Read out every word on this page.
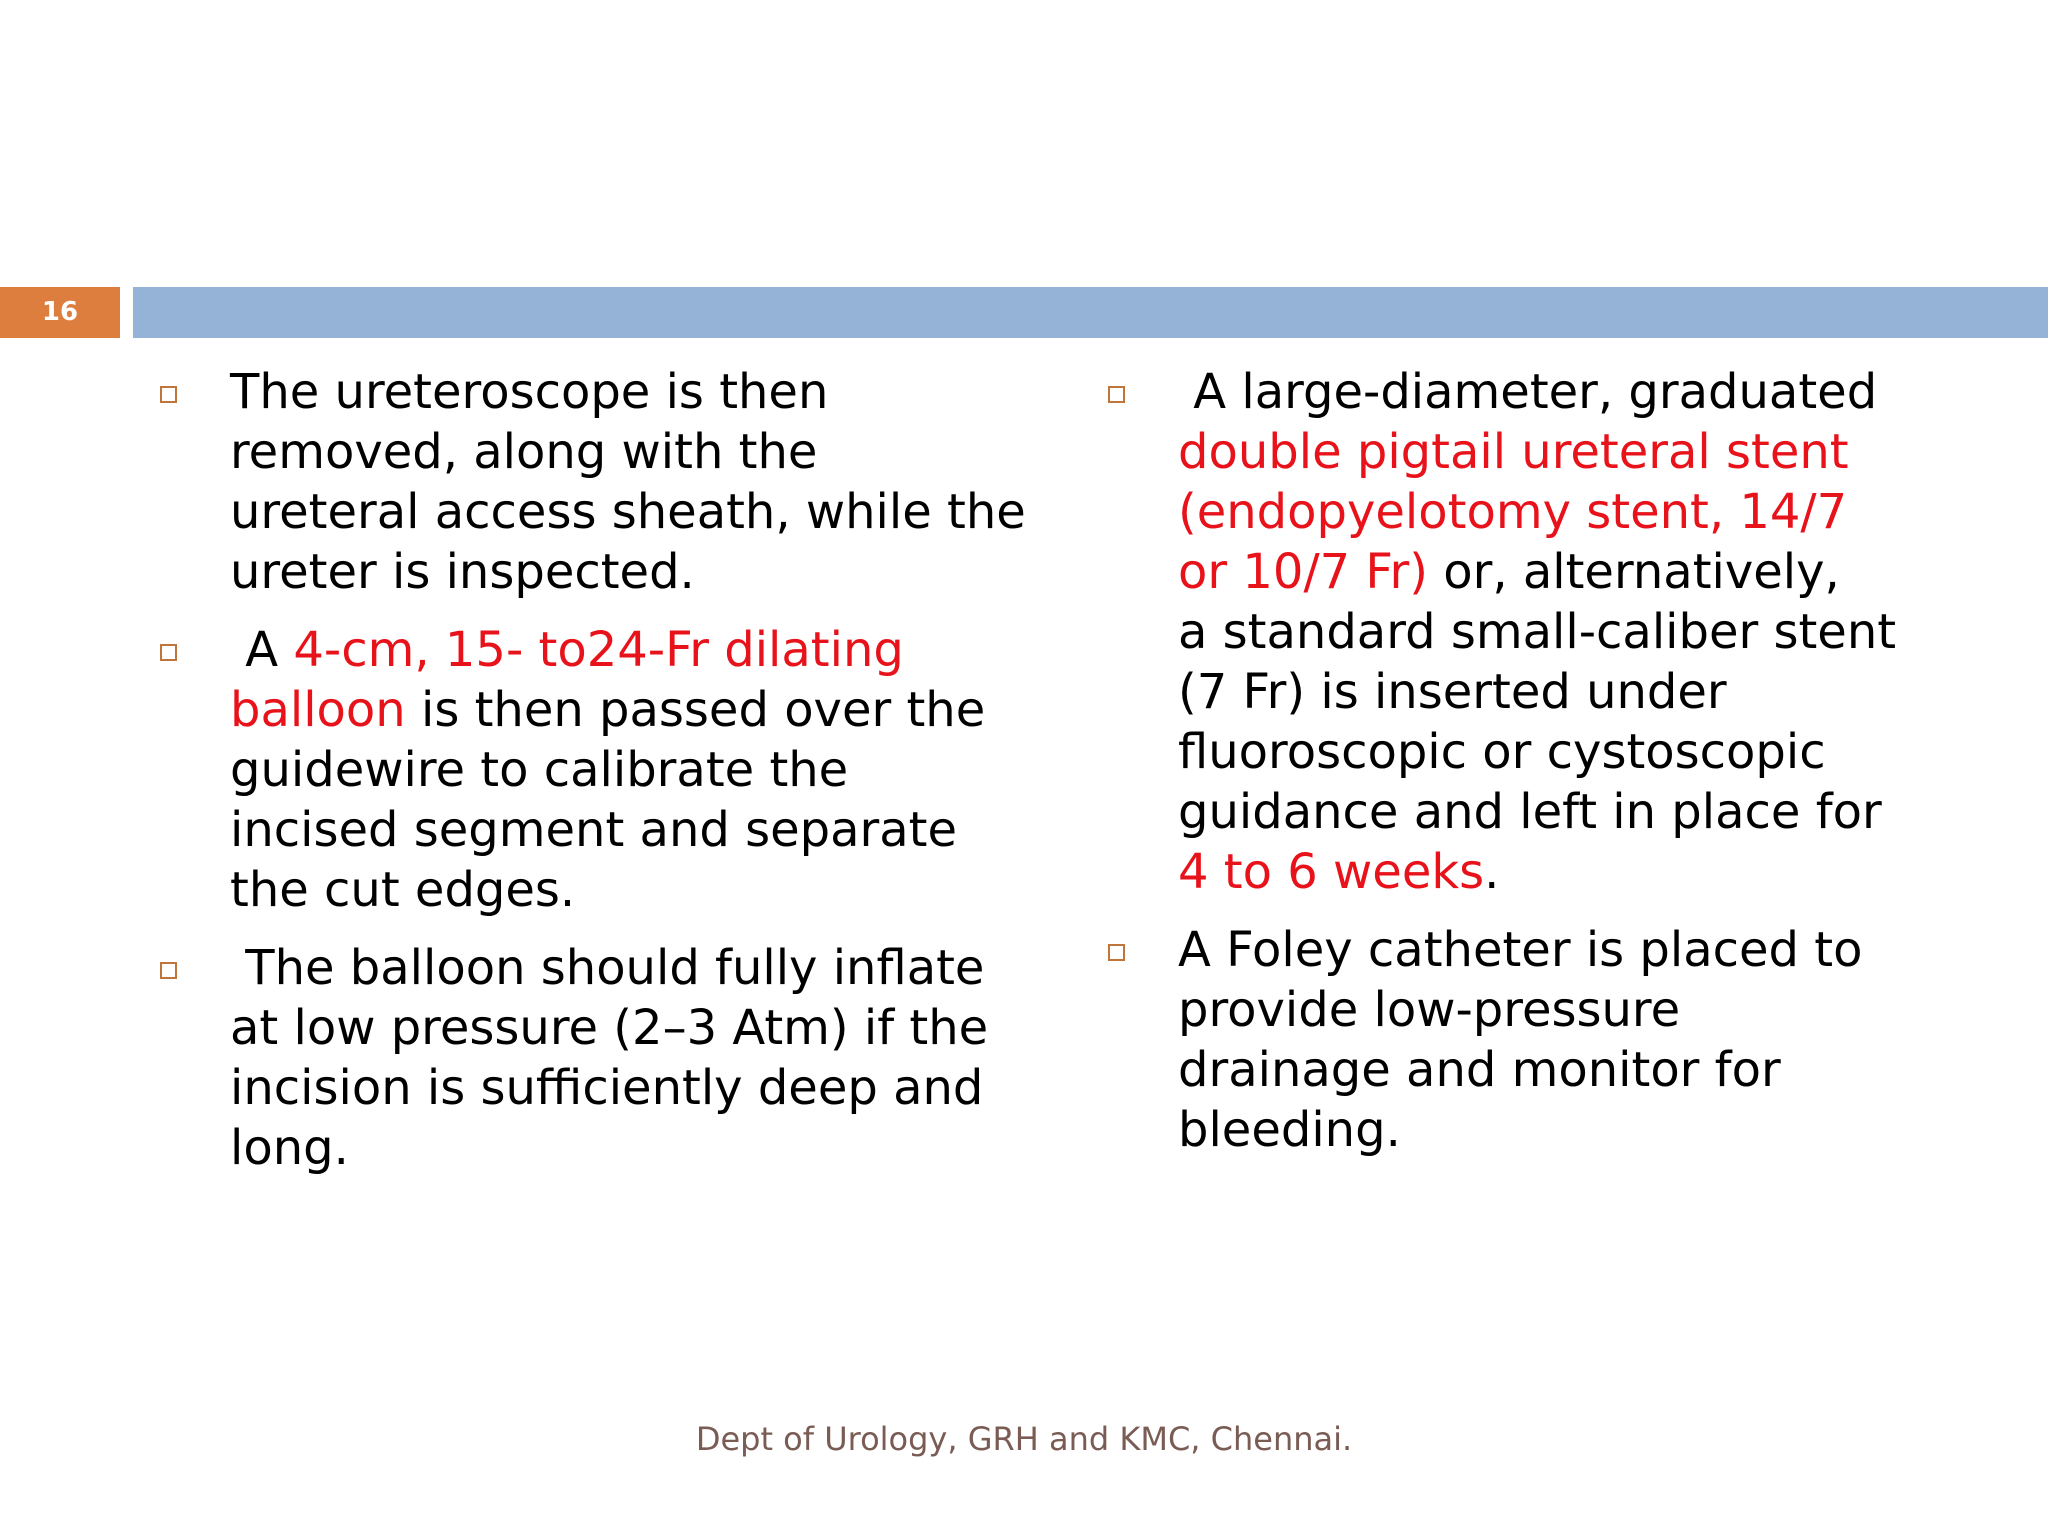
16
The ureteroscope is then
removed, along with the
ureteral access sheath, while the
ureter is inspected.
A 4-cm, 15- to24-Fr dilating
balloon is then passed over the
guidewire to calibrate the
incised segment and separate
the cut edges.
The balloon should fully inflate
at low pressure (2–3 Atm) if the
incision is sufficiently deep and
long.
A large-diameter, graduated
double pigtail ureteral stent
(endopyelotomy stent, 14/7
or 10/7 Fr) or, alternatively,
a standard small-caliber stent
(7 Fr) is inserted under
fluoroscopic or cystoscopic
guidance and left in place for
4 to 6 weeks.
A Foley catheter is placed to
provide low-pressure
drainage and monitor for
bleeding.
Dept of Urology, GRH and KMC, Chennai.
